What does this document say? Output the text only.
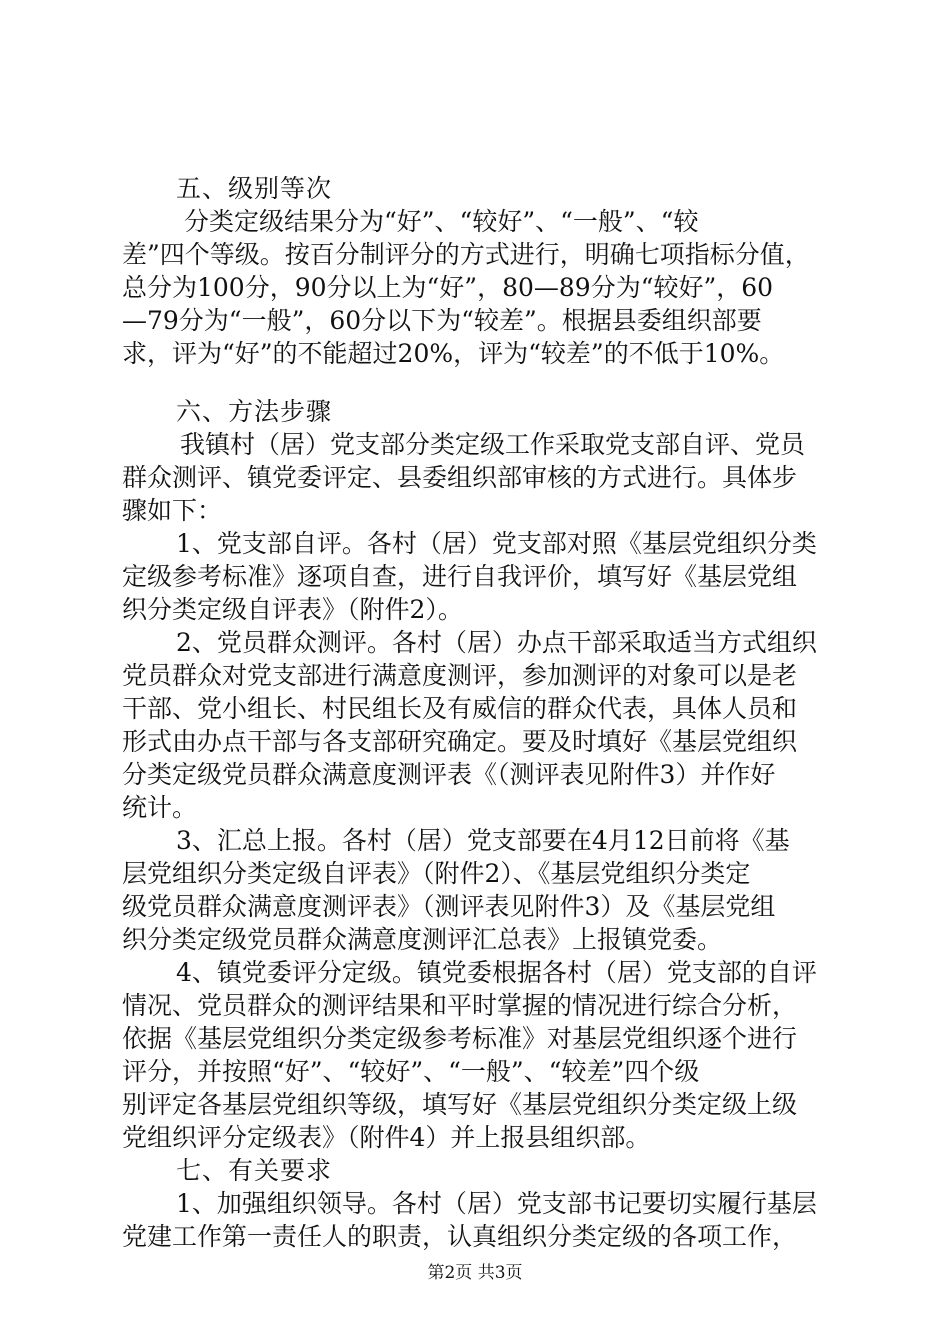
五、级别等次
分类定级结果分为“好”、“较好”、“一般”、“较
差”四个等级。按百分制评分的方式进行，明确七项指标分值，
总分为100分，90分以上为“好”，80—89分为“较好”，60
—79分为“一般”，60分以下为“较差”。根据县委组织部要
求，评为“好”的不能超过20%，评为“较差”的不低于10%。
六、方法步骤
我镇村（居）党支部分类定级工作采取党支部自评、党员
群众测评、镇党委评定、县委组织部审核的方式进行。具体步
骤如下：
1、党支部自评。各村（居）党支部对照《基层党组织分类
定级参考标准》逐项自查，进行自我评价，填写好《基层党组
织分类定级自评表》（附件2）。
2、党员群众测评。各村（居）办点干部采取适当方式组织
党员群众对党支部进行满意度测评，参加测评的对象可以是老
干部、党小组长、村民组长及有威信的群众代表，具体人员和
形式由办点干部与各支部研究确定。要及时填好《基层党组织
分类定级党员群众满意度测评表《（测评表见附件3）并作好
统计。
3、汇总上报。各村（居）党支部要在4月12日前将《基
层党组织分类定级自评表》（附件2）、《基层党组织分类定
级党员群众满意度测评表》（测评表见附件3）及《基层党组
织分类定级党员群众满意度测评汇总表》上报镇党委。
4、镇党委评分定级。镇党委根据各村（居）党支部的自评
情况、党员群众的测评结果和平时掌握的情况进行综合分析，
依据《基层党组织分类定级参考标准》对基层党组织逐个进行
评分，并按照“好”、“较好”、“一般”、“较差”四个级
别评定各基层党组织等级，填写好《基层党组织分类定级上级
党组织评分定级表》（附件4）并上报县组织部。
七、有关要求
1、加强组织领导。各村（居）党支部书记要切实履行基层
党建工作第一责任人的职责，认真组织分类定级的各项工作，
第2页 共3页
